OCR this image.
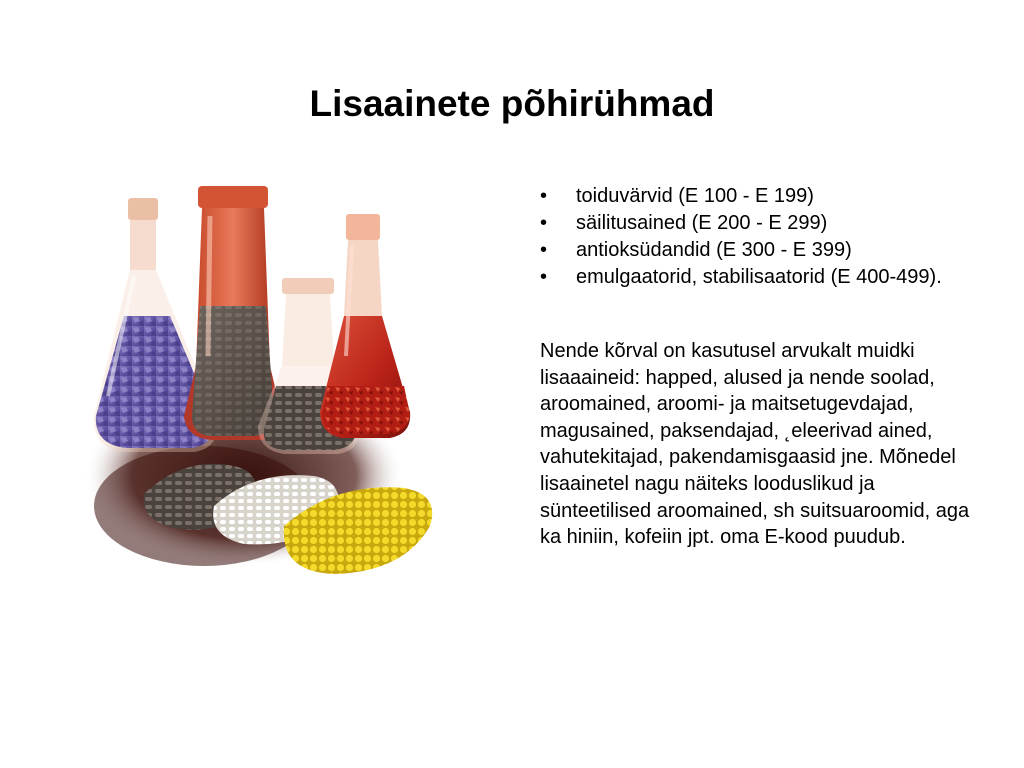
Lisaainete põhirühmad
•	toiduvärvid (E 100 - E 199)
•	säilitusained (E 200 - E 299)
•	antioksüdandid (E 300 - E 399)
•	emulgaatorid, stabilisaatorid (E 400-499).

Nende kõrval on kasutusel arvukalt muidki lisaaaineid: happed, alused ja nende soolad, aroomained, aroomi- ja maitsetugevdajad, magusained, paksendajad, ˛eleerivad ained, vahutekitajad, pakendamisgaasid jne. Mõnedel lisaainetel nagu näiteks looduslikud ja sünteetilised aroomained, sh suitsuaroomid, aga ka hiniin, kofeiin jpt. oma E-kood puudub.
